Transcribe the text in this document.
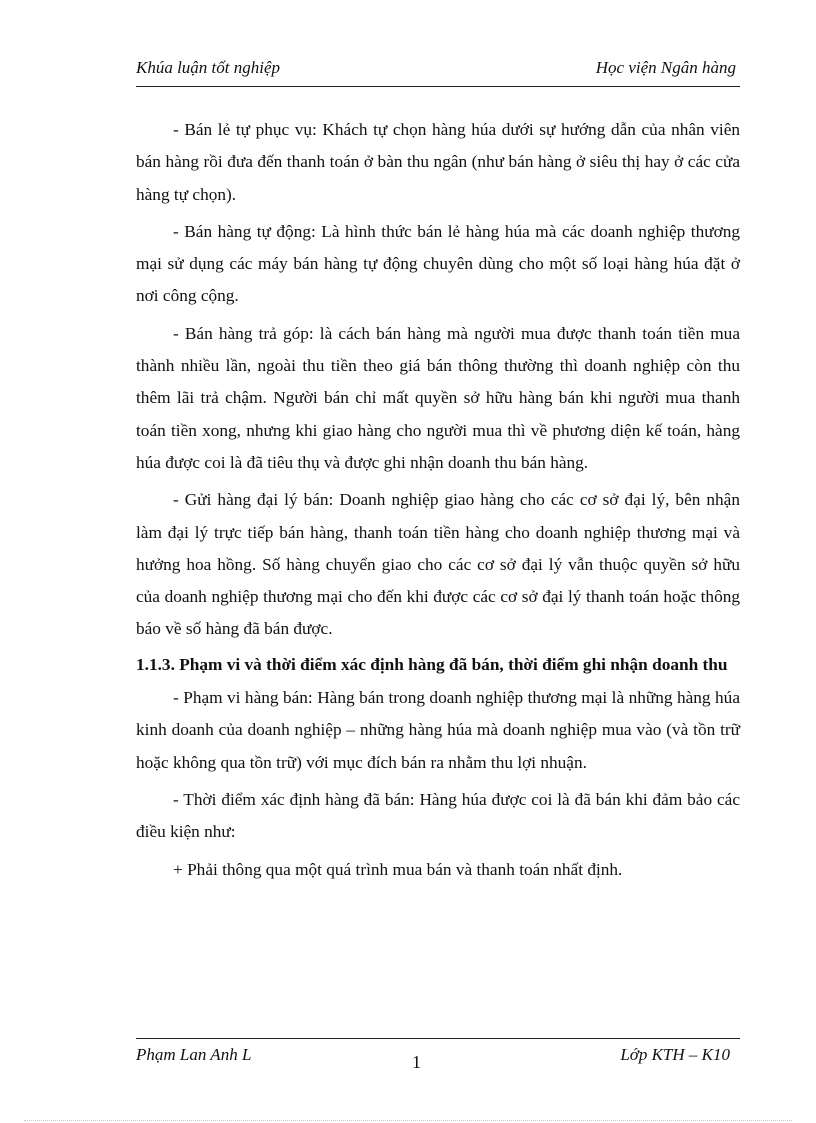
Khúa luận tốt nghiệp	Học viện Ngân hàng

- Bán lẻ tự phục vụ: Khách tự chọn hàng húa dưới sự hướng dẫn của nhân viên bán hàng rồi đưa đến thanh toán ở bàn thu ngân (như bán hàng ở siêu thị hay ở các cửa hàng tự chọn).

- Bán hàng tự động: Là hình thức bán lẻ hàng húa mà các doanh nghiệp thương mại sử dụng các máy bán hàng tự động chuyên dùng cho một số loại hàng húa đặt ở nơi công cộng.

- Bán hàng trả góp: là cách bán hàng mà người mua được thanh toán tiền mua thành nhiều lần, ngoài thu tiền theo giá bán thông thường thì doanh nghiệp còn thu thêm lãi trả chậm. Người bán chỉ mất quyền sở hữu hàng bán khi người mua thanh toán tiền xong, nhưng khi giao hàng cho người mua thì về phương diện kế toán, hàng húa được coi là đã tiêu thụ và được ghi nhận doanh thu bán hàng.

- Gửi hàng đại lý bán: Doanh nghiệp giao hàng cho các cơ sở đại lý, bên nhận làm đại lý trực tiếp bán hàng, thanh toán tiền hàng cho doanh nghiệp thương mại và hưởng hoa hồng. Số hàng chuyển giao cho các cơ sở đại lý vẫn thuộc quyền sở hữu của doanh nghiệp thương mại cho đến khi được các cơ sở đại lý thanh toán hoặc thông báo về số hàng đã bán được.

1.1.3. Phạm vi và thời điểm xác định hàng đã bán, thời điểm ghi nhận doanh thu

- Phạm vi hàng bán: Hàng bán trong doanh nghiệp thương mại là những hàng húa kinh doanh của doanh nghiệp – những hàng húa mà doanh nghiệp mua vào (và tồn trữ hoặc không qua tồn trữ) với mục đích bán ra nhằm thu lợi nhuận.

- Thời điểm xác định hàng đã bán: Hàng húa được coi là đã bán khi đảm bảo các điều kiện như:

+ Phải thông qua một quá trình mua bán và thanh toán nhất định.

Phạm Lan Anh L	Lớp KTH – K10
1
